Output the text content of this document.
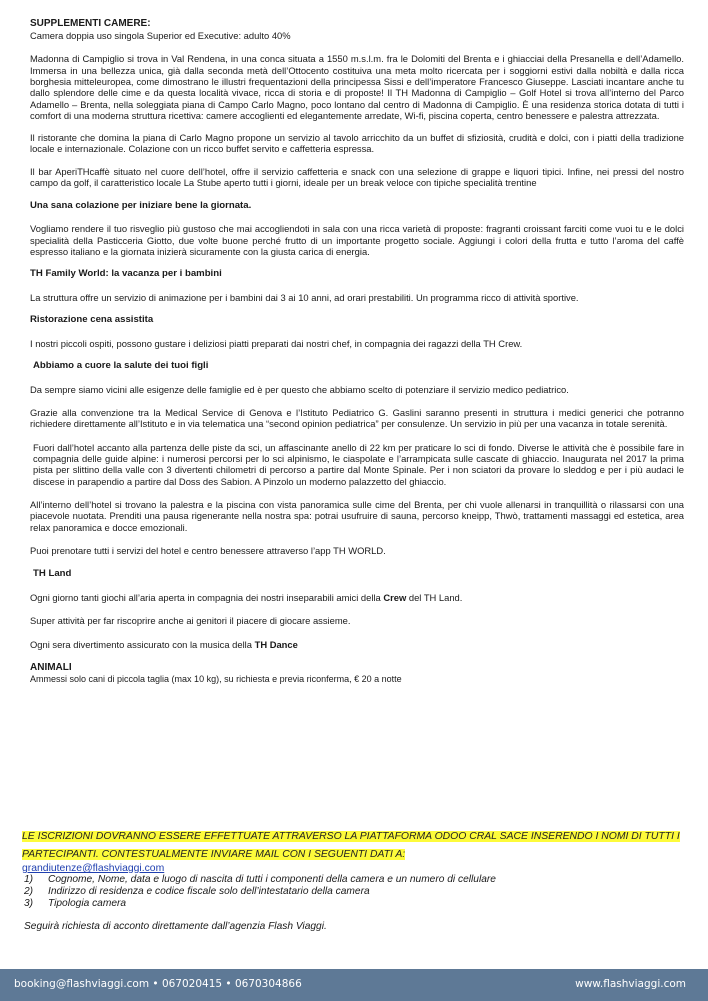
SUPPLEMENTI CAMERE:

Camera doppia uso singola Superior ed Executive: adulto 40%

Madonna di Campiglio si trova in Val Rendena, in una conca situata a 1550 m.s.l.m. fra le Dolomiti del Brenta e i ghiacciai della Presanella e dell’Adamello. Immersa in una bellezza unica, già dalla seconda metà dell’Ottocento costituiva una meta molto ricercata per i soggiorni estivi dalla nobiltà e dalla ricca borghesia mitteleuropea, come dimostrano le illustri frequentazioni della principessa Sissi e dell’imperatore Francesco Giuseppe. Lasciati incantare anche tu dallo splendore delle cime e da questa località vivace, ricca di storia e di proposte! Il TH Madonna di Campiglio – Golf Hotel si trova all’interno del Parco Adamello – Brenta, nella soleggiata piana di Campo Carlo Magno, poco lontano dal centro di Madonna di Campiglio. È una residenza storica dotata di tutti i comfort di una moderna struttura ricettiva: camere accoglienti ed elegantemente arredate, Wi-fi, piscina coperta, centro benessere e palestra attrezzata.

Il ristorante che domina la piana di Carlo Magno propone un servizio al tavolo arricchito da un buffet di sfiziosità, crudità e dolci, con i piatti della tradizione locale e internazionale. Colazione con un ricco buffet servito e caffetteria espressa.

Il bar AperiTHcaffè situato nel cuore dell’hotel, offre il servizio caffetteria e snack con una selezione di grappe e liquori tipici. Infine, nei pressi del nostro campo da golf, il caratteristico locale La Stube aperto tutti i giorni, ideale per un break veloce con tipiche specialità trentine

Una sana colazione per iniziare bene la giornata.

Vogliamo rendere il tuo risveglio più gustoso che mai accogliendoti in sala con una ricca varietà di proposte: fragranti croissant farciti come vuoi tu e le dolci specialità della Pasticceria Giotto, due volte buone perché frutto di un importante progetto sociale. Aggiungi i colori della frutta e tutto l’aroma del caffè espresso italiano e la giornata inizierà sicuramente con la giusta carica di energia.

TH Family World: la vacanza per i bambini

La struttura offre un servizio di animazione per i bambini dai 3 ai 10 anni, ad orari prestabiliti. Un programma ricco di attività sportive.

Ristorazione cena assistita

I nostri piccoli ospiti, possono gustare i deliziosi piatti preparati dai nostri chef, in compagnia dei ragazzi della TH Crew.

Abbiamo a cuore la salute dei tuoi figli

Da sempre siamo vicini alle esigenze delle famiglie ed è per questo che abbiamo scelto di potenziare il servizio medico pediatrico.

Grazie alla convenzione tra la Medical Service di Genova e l’Istituto Pediatrico G. Gaslini saranno presenti in struttura i medici generici che potranno richiedere direttamente all’Istituto e in via telematica una “second opinion pediatrica” per consulenze. Un servizio in più per una vacanza in totale serenità.

Fuori dall’hotel accanto alla partenza delle piste da sci, un affascinante anello di 22 km per praticare lo sci di fondo. Diverse le attività che è possibile fare in compagnia delle guide alpine: i numerosi percorsi per lo sci alpinismo, le ciaspolate e l’arrampicata sulle cascate di ghiaccio. Inaugurata nel 2017 la prima pista per slittino della valle con 3 divertenti chilometri di percorso a partire dal Monte Spinale. Per i non sciatori da provare lo sleddog e per i più audaci le discese in parapendio a partire dal Doss des Sabion. A Pinzolo un moderno palazzetto del ghiaccio.

All’interno dell’hotel si trovano la palestra e la piscina con vista panoramica sulle cime del Brenta, per chi vuole allenarsi in tranquillità o rilassarsi con una piacevole nuotata. Prenditi una pausa rigenerante nella nostra spa: potrai usufruire di sauna, percorso kneipp, Thwò, trattamenti massaggi ed estetica, area relax panoramica e docce emozionali.

Puoi prenotare tutti i servizi del hotel e centro benessere attraverso l’app TH WORLD.

TH Land

Ogni giorno tanti giochi all’aria aperta in compagnia dei nostri inseparabili amici della Crew del TH Land.

Super attività per far riscoprire anche ai genitori il piacere di giocare assieme.

Ogni sera divertimento assicurato con la musica della TH Dance

ANIMALI

Ammessi solo cani di piccola taglia (max 10 kg), su richiesta e previa riconferma, € 20 a notte

LE ISCRIZIONI DOVRANNO ESSERE EFFETTUATE ATTRAVERSO LA PIATTAFORMA ODOO CRAL SACE INSERENDO I NOMI DI TUTTI I PARTECIPANTI. CONTESTUALMENTE INVIARE MAIL CON I SEGUENTI DATI A:
grandiutenze@flashviaggi.com
1)	Cognome, Nome, data e luogo di nascita di tutti i componenti della camera e un numero di cellulare
2)	Indirizzo di residenza e codice fiscale solo dell’intestatario della camera
3)	Tipologia camera
Seguirà richiesta di acconto direttamente dall’agenzia Flash Viaggi.
booking@flashviaggi.com • 067020415 • 0670304866	www.flashviaggi.com
